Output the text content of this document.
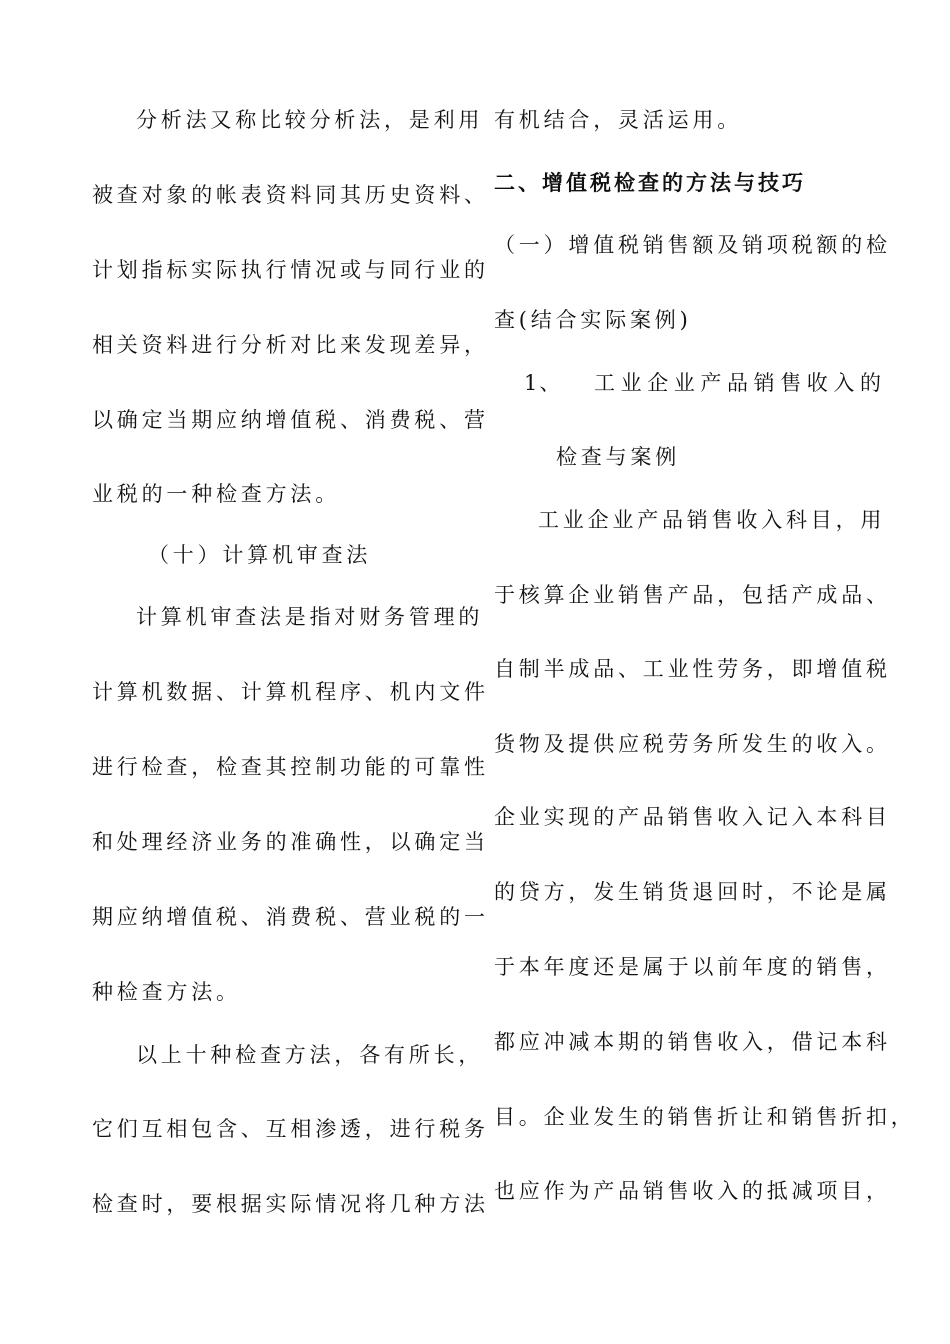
分析法又称比较分析法，是利用
被查对象的帐表资料同其历史资料、
计划指标实际执行情况或与同行业的
相关资料进行分析对比来发现差异，
以确定当期应纳增值税、消费税、营
业税的一种检查方法。
（十）计算机审查法
计算机审查法是指对财务管理的
计算机数据、计算机程序、机内文件
进行检查，检查其控制功能的可靠性
和处理经济业务的准确性，以确定当
期应纳增值税、消费税、营业税的一
种检查方法。
以上十种检查方法，各有所长，
它们互相包含、互相渗透，进行税务
检查时，要根据实际情况将几种方法
有机结合，灵活运用。
二、增值税检查的方法与技巧
（一）增值税销售额及销项税额的检
查(结合实际案例)
1、 工业企业产品销售收入的
检查与案例
工业企业产品销售收入科目，用
于核算企业销售产品，包括产成品、
自制半成品、工业性劳务，即增值税
货物及提供应税劳务所发生的收入。
企业实现的产品销售收入记入本科目
的贷方，发生销货退回时，不论是属
于本年度还是属于以前年度的销售，
都应冲减本期的销售收入，借记本科
目。企业发生的销售折让和销售折扣，
也应作为产品销售收入的抵减项目，
